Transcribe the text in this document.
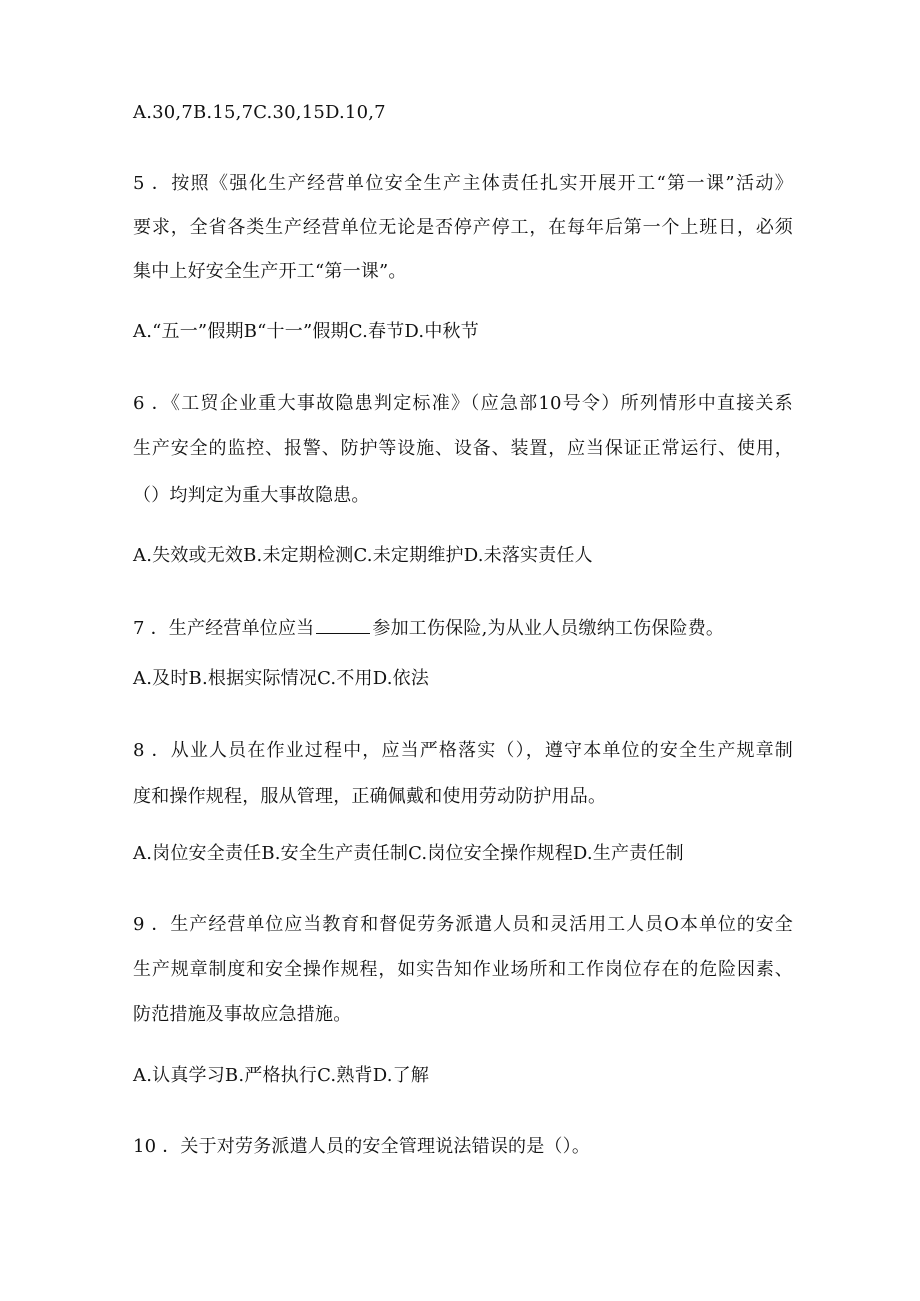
A.30,7B.15,7C.30,15D.10,7
5 ．按照《强化生产经营单位安全生产主体责任扎实开展开工“第一课”活动》
要求，全省各类生产经营单位无论是否停产停工，在每年后第一个上班日，必须
集中上好安全生产开工“第一课”。
A.“五一”假期B“十一”假期C.春节D.中秋节
6 ．《工贸企业重大事故隐患判定标准》（应急部10号令）所列情形中直接关系
生产安全的监控、报警、防护等设施、设备、装置，应当保证正常运行、使用，
（）均判定为重大事故隐患。
A.失效或无效B.未定期检测C.未定期维护D.未落实责任人
7 ．生产经营单位应当	参加工伤保险,为从业人员缴纳工伤保险费。
A.及时B.根据实际情况C.不用D.依法
8 ．从业人员在作业过程中，应当严格落实（），遵守本单位的安全生产规章制
度和操作规程，服从管理，正确佩戴和使用劳动防护用品。
A.岗位安全责任B.安全生产责任制C.岗位安全操作规程D.生产责任制
9 ．生产经营单位应当教育和督促劳务派遣人员和灵活用工人员O本单位的安全
生产规章制度和安全操作规程，如实告知作业场所和工作岗位存在的危险因素、
防范措施及事故应急措施。
A.认真学习B.严格执行C.熟背D.了解
10 ．关于对劳务派遣人员的安全管理说法错误的是（）。
